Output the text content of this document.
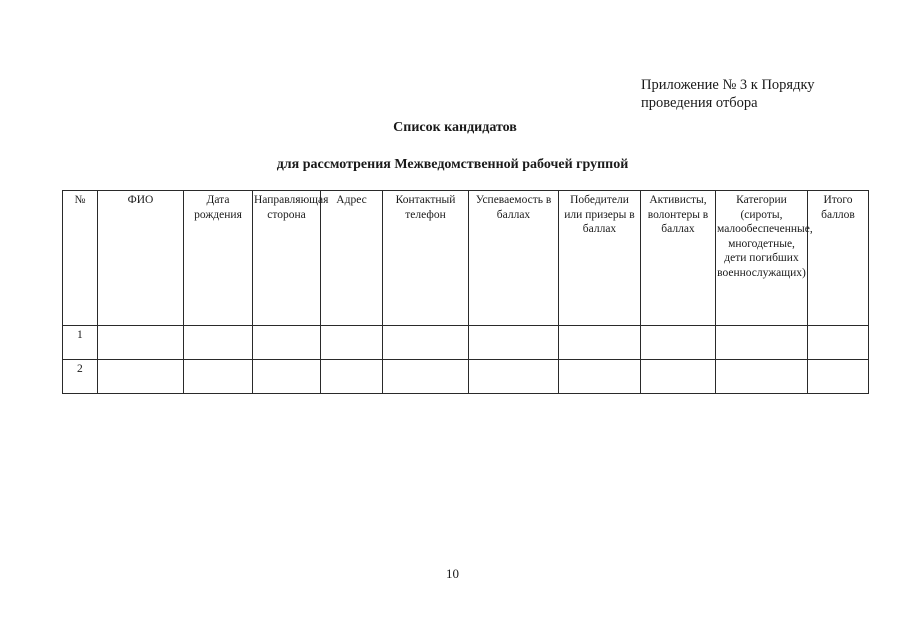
Приложение № 3 к Порядку
проведения отбора
Список кандидатов
для рассмотрения Межведомственной рабочей группой
№	ФИО	Дата рождения	Направляющая сторона	Адрес	Контактный телефон	Успеваемость в баллах	Победители или призеры в баллах	Активисты, волонтеры в баллах	Категории (сироты, малообеспеченные, многодетные, дети погибших военнослужащих)	Итого баллов
1										
2										
10
